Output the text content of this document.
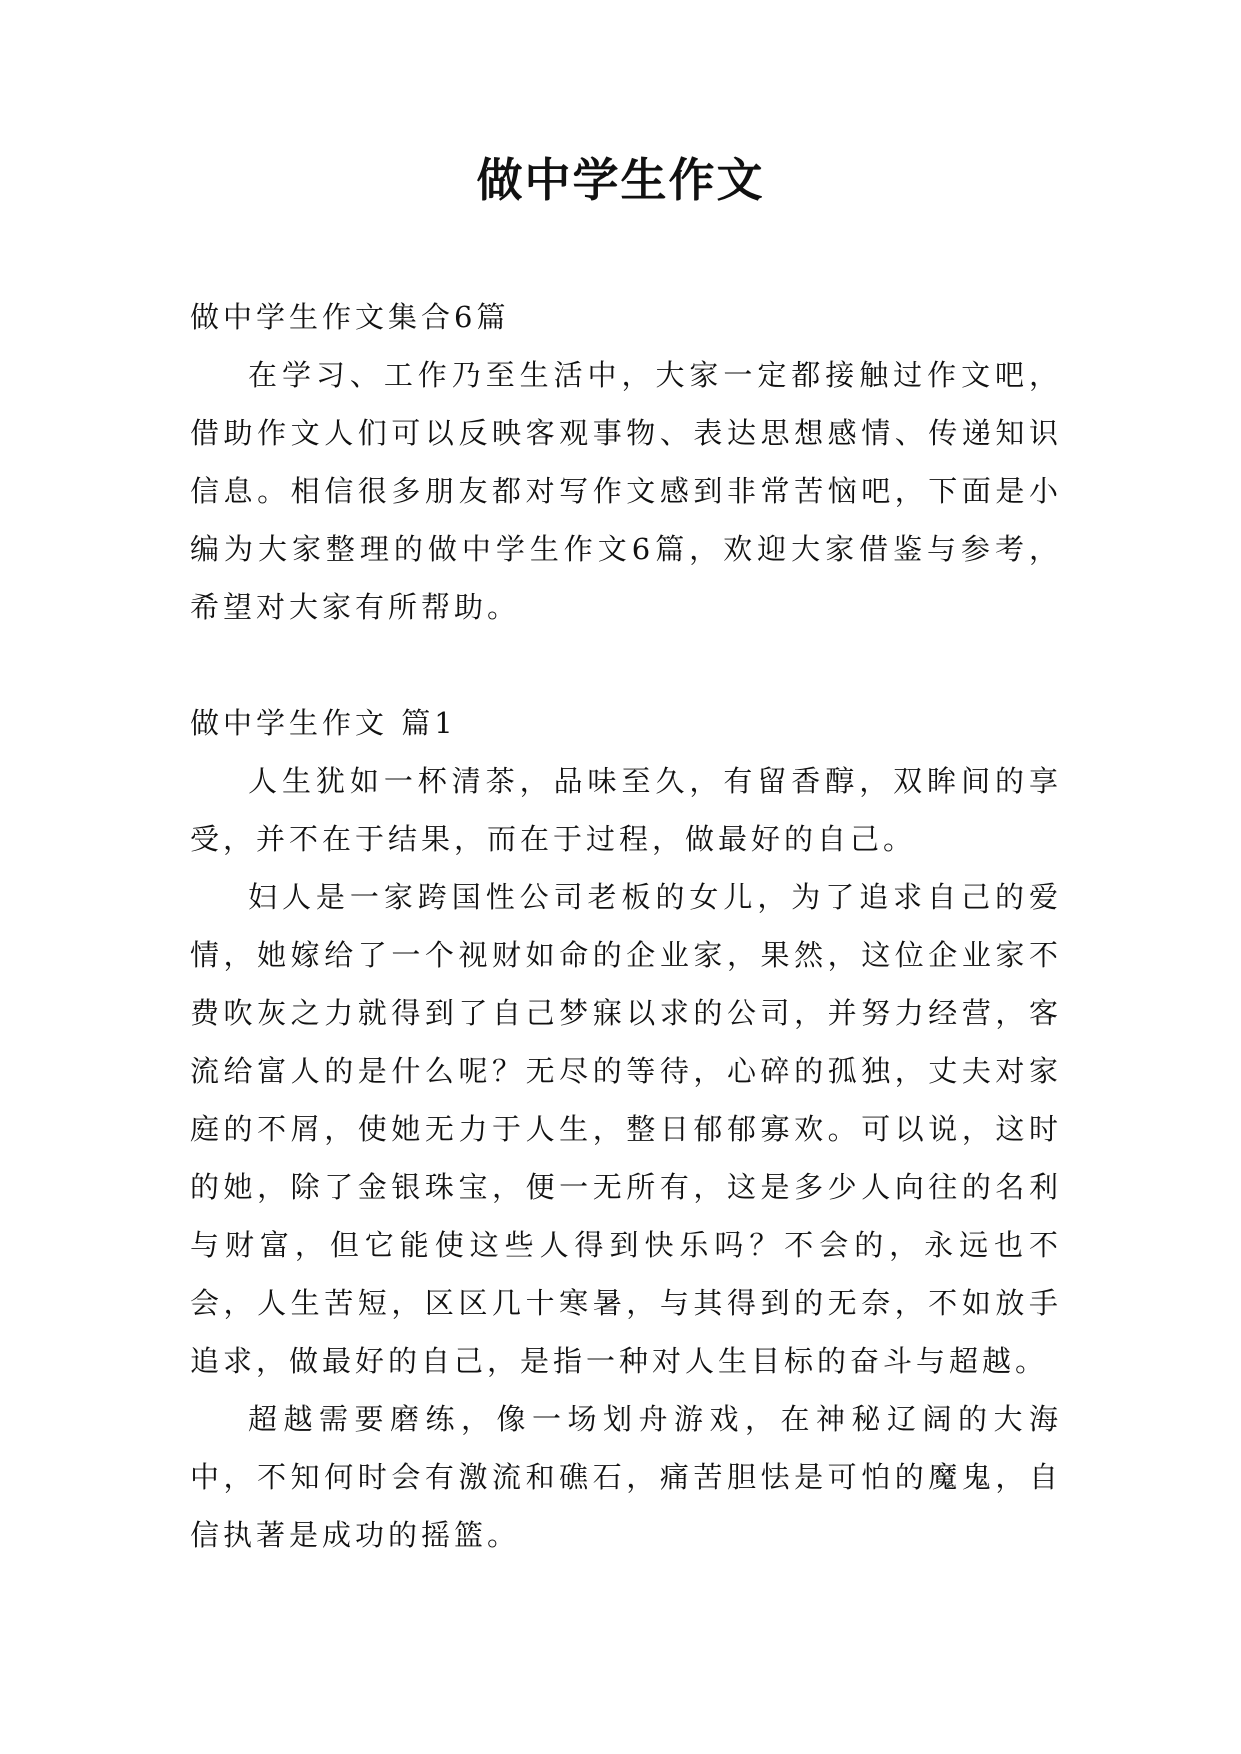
做中学生作文

做中学生作文集合6篇

在学习、工作乃至生活中，大家一定都接触过作文吧，借助作文人们可以反映客观事物、表达思想感情、传递知识信息。相信很多朋友都对写作文感到非常苦恼吧，下面是小编为大家整理的做中学生作文6篇，欢迎大家借鉴与参考，希望对大家有所帮助。

做中学生作文 篇1

人生犹如一杯清茶，品味至久，有留香醇，双眸间的享受，并不在于结果，而在于过程，做最好的自己。

妇人是一家跨国性公司老板的女儿，为了追求自己的爱情，她嫁给了一个视财如命的企业家，果然，这位企业家不费吹灰之力就得到了自己梦寐以求的公司，并努力经营，客流给富人的是什么呢？无尽的等待，心碎的孤独，丈夫对家庭的不屑，使她无力于人生，整日郁郁寡欢。可以说，这时的她，除了金银珠宝，便一无所有，这是多少人向往的名利与财富，但它能使这些人得到快乐吗？不会的，永远也不会，人生苦短，区区几十寒暑，与其得到的无奈，不如放手追求，做最好的自己，是指一种对人生目标的奋斗与超越。

超越需要磨练，像一场划舟游戏，在神秘辽阔的大海中，不知何时会有激流和礁石，痛苦胆怯是可怕的魔鬼，自信执著是成功的摇篮。
